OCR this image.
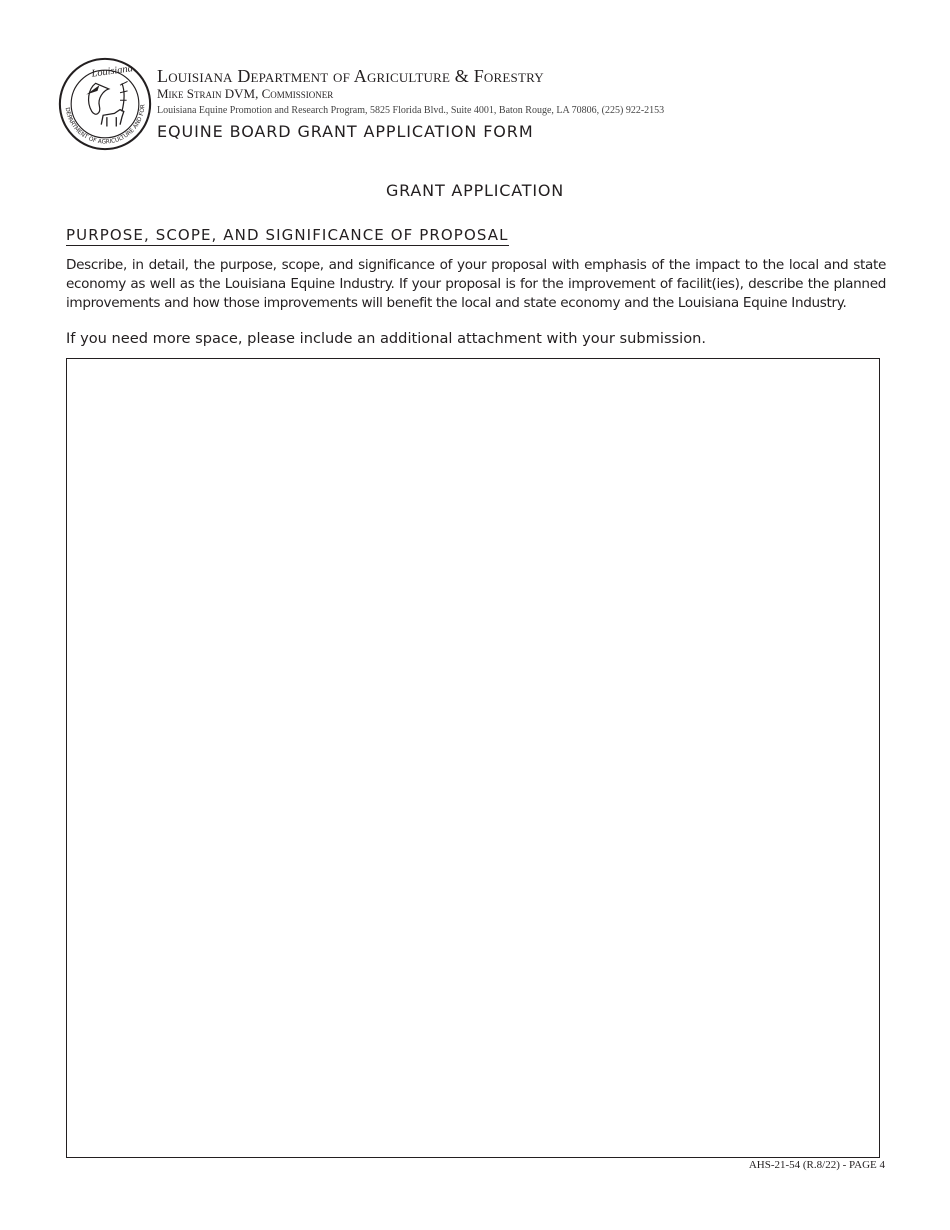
DEPARTMENT OF AGRICULTURE AND FOR
Louisiana Louisiana Department of Agriculture & Forestry
Mike Strain DVM, Commissioner
Louisiana Equine Promotion and Research Program, 5825 Florida Blvd., Suite 4001, Baton Rouge, LA 70806, (225) 922-2153
EQUINE BOARD GRANT APPLICATION FORM
GRANT APPLICATION
PURPOSE, SCOPE, AND SIGNIFICANCE OF PROPOSAL
Describe, in detail, the purpose, scope, and significance of your proposal with emphasis of the impact to the local and state economy as well as the Louisiana Equine Industry. If your proposal is for the improvement of facilit(ies), describe the planned improvements and how those improvements will benefit the local and state economy and the Louisiana Equine Industry.
If you need more space, please include an additional attachment with your submission.
AHS-21-54 (R.8/22) - PAGE 4
